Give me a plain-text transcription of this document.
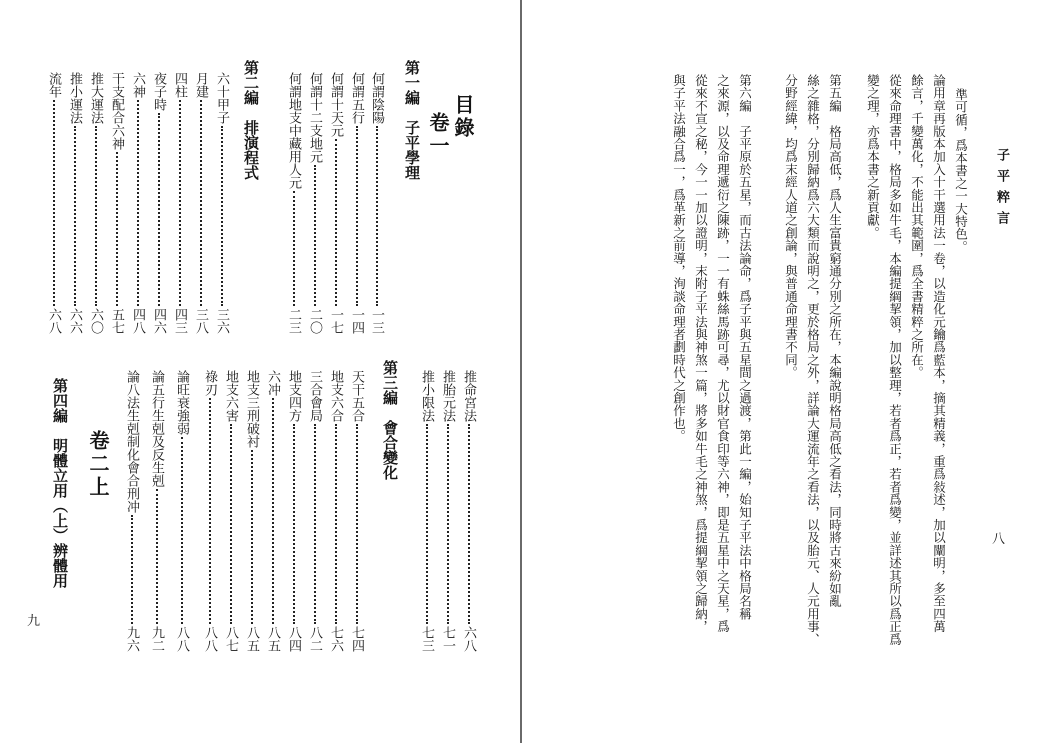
目錄
卷一
第一編　子平學理
何謂陰陽
一三
何謂五行
一四
何謂十天元
一七
何謂十二支地元
二〇
何謂地支中藏用人元
二三
第二編　排演程式
六十甲子
三六
月建
三八
四柱
四三
夜子時
四六
六神
四八
干支配合六神
五七
推大運法
六〇
推小運法
六六
流年
六八
推命宮法
六八
推胎元法
七一
推小限法
七三
第三編　會合變化
天干五合
七四
地支六合
七六
三合會局
八二
地支四方
八四
六冲
八五
地支三刑破衬
八五
地支六害
八七
祿刃
八八
論旺衰強弱
八八
論五行生剋及反生剋
九二
論八法生剋制化會合刑冲
九六
卷二上
第四編　明體立用（上）辨體用
九
子平粹言
八
準可循，爲本書之一大特色。
論用章再版本加入十干選用法一卷，以造化元鑰爲藍本，摘其精義，重爲敍述，加以闡明，多至四萬
餘言，千變萬化，不能出其範圍，爲全書精粹之所在。
從來命理書中，格局多如牛毛，本編提綱挈領，加以整理，若者爲正，若者爲變，並詳述其所以爲正爲
變之理，亦爲本書之新貢獻。
第五編　格局高低，爲人生富貴窮通分別之所在，本編說明格局高低之看法，同時將古來紛如亂
絲之雜格，分別歸納爲六大類而說明之，更於格局之外，詳論大運流年之看法，以及胎元、人元用事、
分野經緯，均爲末經人道之創論，與普通命理書不同。
第六編　子平原於五星，而古法論命，爲子平與五星間之過渡，第此一編，始知子平法中格局名稱
之來源，以及命理遞衍之陳跡，一一有蛛絲馬跡可尋，尤以財官食印等六神，即是五星中之天星，爲
從來不宣之秘，今一一加以證明，末附子平法與神煞一篇，將多如牛毛之神煞，爲提綱挈領之歸納，
與子平法融合爲一，爲革新之前導，洵談命理者劃時代之創作也。
